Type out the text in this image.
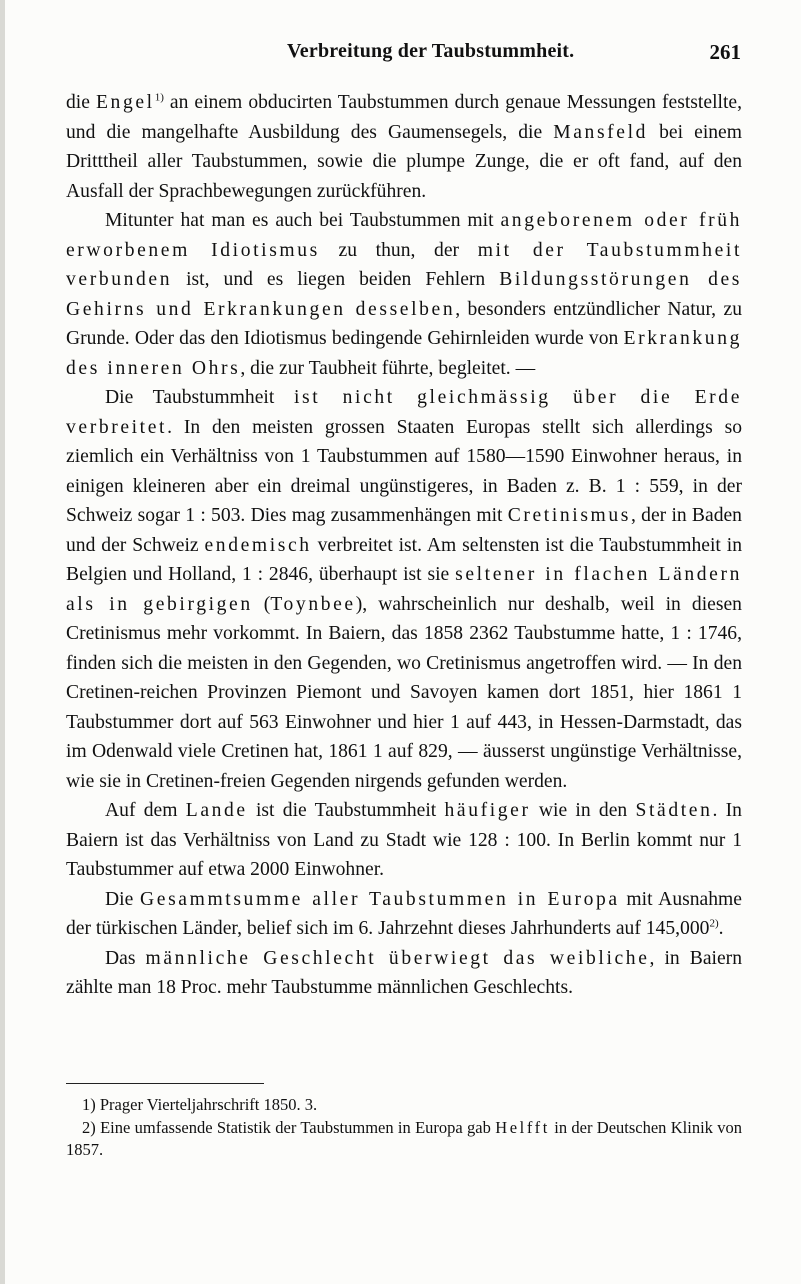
Verbreitung der Taubstummheit.	261

die Engel$^{1)}$ an einem obducirten Taubstummen durch genaue Messungen feststellte, und die mangelhafte Ausbildung des Gaumensegels, die Mansfeld bei einem Dritttheil aller Taubstummen, sowie die plumpe Zunge, die er oft fand, auf den Ausfall der Sprachbewegungen zurückführen.

Mitunter hat man es auch bei Taubstummen mit angeborenem oder früh erworbenem Idiotismus zu thun, der mit der Taubstummheit verbunden ist, und es liegen beiden Fehlern Bildungsstörungen des Gehirns und Erkrankungen desselben, besonders entzündlicher Natur, zu Grunde. Oder das den Idiotismus bedingende Gehirnleiden wurde von Erkrankung des inneren Ohrs, die zur Taubheit führte, begleitet. —

Die Taubstummheit ist nicht gleichmässig über die Erde verbreitet. In den meisten grossen Staaten Europas stellt sich allerdings so ziemlich ein Verhältniss von 1 Taubstummen auf 1580—1590 Einwohner heraus, in einigen kleineren aber ein dreimal ungünstigeres, in Baden z. B. 1 : 559, in der Schweiz sogar 1 : 503. Dies mag zusammenhängen mit Cretinismus, der in Baden und der Schweiz endemisch verbreitet ist. Am seltensten ist die Taubstummheit in Belgien und Holland, 1 : 2846, überhaupt ist sie seltener in flachen Ländern als in gebirgigen (Toynbee), wahrscheinlich nur deshalb, weil in diesen Cretinismus mehr vorkommt. In Baiern, das 1858 2362 Taubstumme hatte, 1 : 1746, finden sich die meisten in den Gegenden, wo Cretinismus angetroffen wird. — In den Cretinen-reichen Provinzen Piemont und Savoyen kamen dort 1851, hier 1861 1 Taubstummer dort auf 563 Einwohner und hier 1 auf 443, in Hessen-Darmstadt, das im Odenwald viele Cretinen hat, 1861 1 auf 829, — äusserst ungünstige Verhältnisse, wie sie in Cretinen-freien Gegenden nirgends gefunden werden.

Auf dem Lande ist die Taubstummheit häufiger wie in den Städten. In Baiern ist das Verhältniss von Land zu Stadt wie 128 : 100. In Berlin kommt nur 1 Taubstummer auf etwa 2000 Einwohner.

Die Gesammtsumme aller Taubstummen in Europa mit Ausnahme der türkischen Länder, belief sich im 6. Jahrzehnt dieses Jahrhunderts auf 145,000$^{2)}$.

Das männliche Geschlecht überwiegt das weibliche, in Baiern zählte man 18 Proc. mehr Taubstumme männlichen Geschlechts.

1) Prager Vierteljahrschrift 1850. 3.

2) Eine umfassende Statistik der Taubstummen in Europa gab Helfft in der Deutschen Klinik von 1857.
